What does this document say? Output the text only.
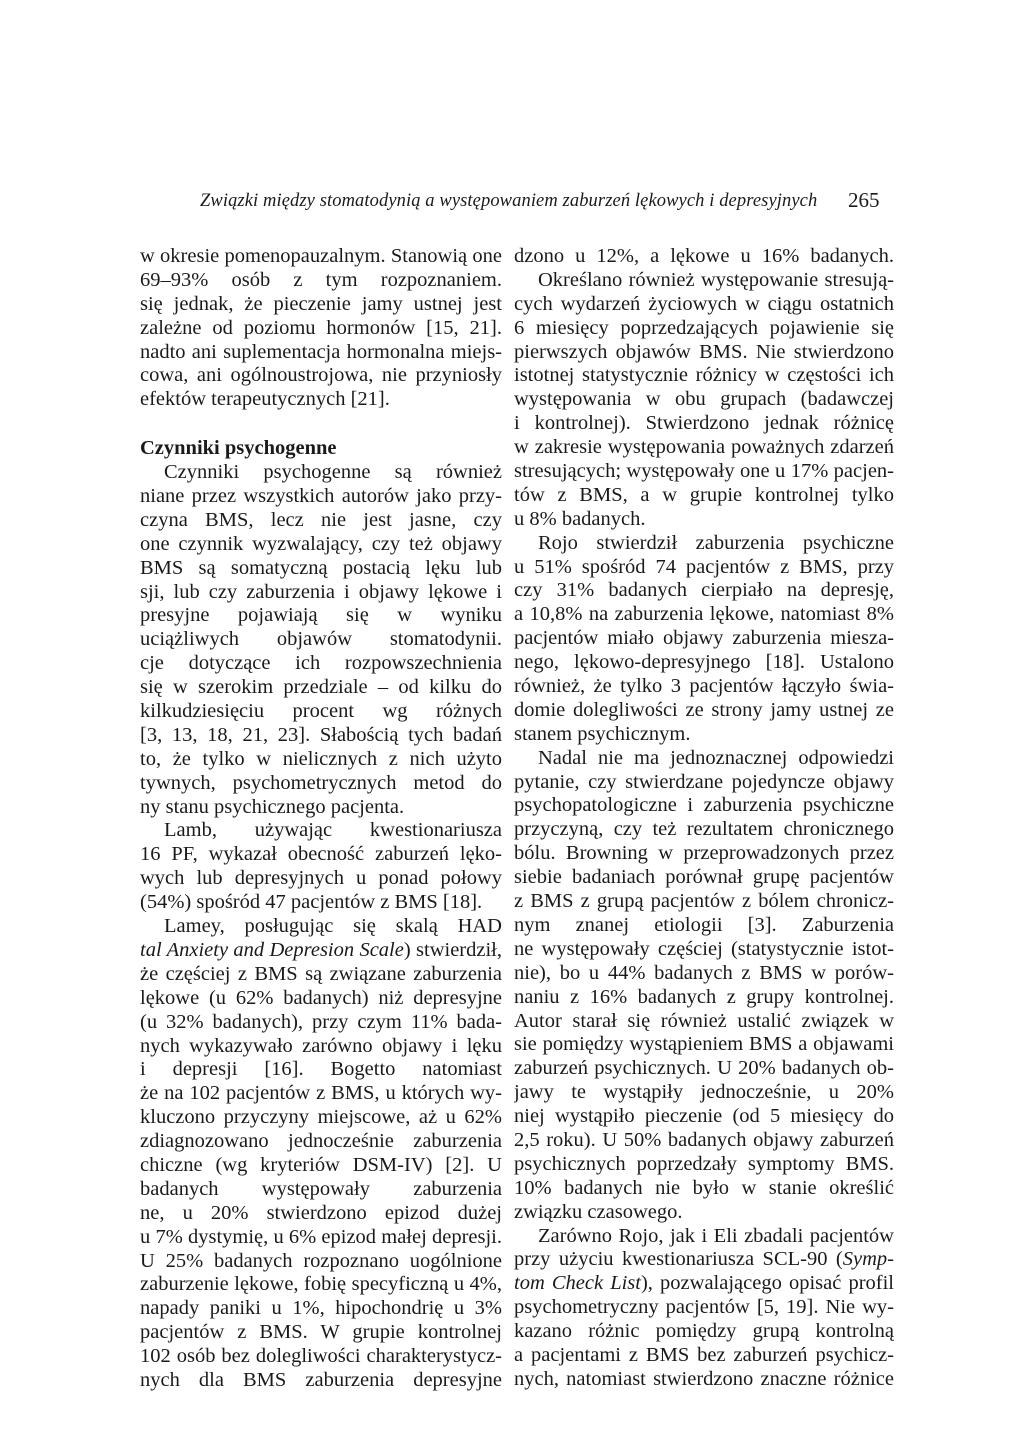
Związki między stomatodynią a występowaniem zaburzeń lękowych i depresyjnych 265
w okresie pomenopauzalnym. Stanowią one
69–93% osób z tym rozpoznaniem.
się jednak, że pieczenie jamy ustnej jest
zależne od poziomu hormonów [15, 21].
nadto ani suplementacja hormonalna miejs-
cowa, ani ogólnoustrojowa, nie przyniosły
efektów terapeutycznych [21].
Czynniki psychogenne
Czynniki psychogenne są również
niane przez wszystkich autorów jako przy-
czyna BMS, lecz nie jest jasne, czy
one czynnik wyzwalający, czy też objawy
BMS są somatyczną postacią lęku lub
sji, lub czy zaburzenia i objawy lękowe i
presyjne pojawiają się w wyniku
uciążliwych objawów stomatodynii.
cje dotyczące ich rozpowszechnienia
się w szerokim przedziale – od kilku do
kilkudziesięciu procent wg różnych
[3, 13, 18, 21, 23]. Słabością tych badań
to, że tylko w nielicznych z nich użyto
tywnych, psychometrycznych metod do
ny stanu psychicznego pacjenta.
Lamb, używając kwestionariusza
16 PF, wykazał obecność zaburzeń lęko-
wych lub depresyjnych u ponad połowy
(54%) spośród 47 pacjentów z BMS [18].
Lamey, posługując się skalą HAD
tal Anxiety and Depresion Scale) stwierdził,
że częściej z BMS są związane zaburzenia
lękowe (u 62% badanych) niż depresyjne
(u 32% badanych), przy czym 11% bada-
nych wykazywało zarówno objawy i lęku
i depresji [16]. Bogetto natomiast
że na 102 pacjentów z BMS, u których wy-
kluczono przyczyny miejscowe, aż u 62%
zdiagnozowano jednocześnie zaburzenia
chiczne (wg kryteriów DSM-IV) [2]. U
badanych występowały zaburzenia
ne, u 20% stwierdzono epizod dużej
u 7% dystymię, u 6% epizod małej depresji.
U 25% badanych rozpoznano uogólnione
zaburzenie lękowe, fobię specyficzną u 4%,
napady paniki u 1%, hipochondrię u 3%
pacjentów z BMS. W grupie kontrolnej
102 osób bez dolegliwości charakterystycz-
nych dla BMS zaburzenia depresyjne
dzono u 12%, a lękowe u 16% badanych.
Określano również występowanie stresują-
cych wydarzeń życiowych w ciągu ostatnich
6 miesięcy poprzedzających pojawienie się
pierwszych objawów BMS. Nie stwierdzono
istotnej statystycznie różnicy w częstości ich
występowania w obu grupach (badawczej
i kontrolnej). Stwierdzono jednak różnicę
w zakresie występowania poważnych zdarzeń
stresujących; występowały one u 17% pacjen-
tów z BMS, a w grupie kontrolnej tylko
u 8% badanych.
Rojo stwierdził zaburzenia psychiczne
u 51% spośród 74 pacjentów z BMS, przy
czy 31% badanych cierpiało na depresję,
a 10,8% na zaburzenia lękowe, natomiast 8%
pacjentów miało objawy zaburzenia miesza-
nego, lękowo-depresyjnego [18]. Ustalono
również, że tylko 3 pacjentów łączyło świa-
domie dolegliwości ze strony jamy ustnej ze
stanem psychicznym.
Nadal nie ma jednoznacznej odpowiedzi
pytanie, czy stwierdzane pojedyncze objawy
psychopatologiczne i zaburzenia psychiczne
przyczyną, czy też rezultatem chronicznego
bólu. Browning w przeprowadzonych przez
siebie badaniach porównał grupę pacjentów
z BMS z grupą pacjentów z bólem chronicz-
nym znanej etiologii [3]. Zaburzenia
ne występowały częściej (statystycznie istot-
nie), bo u 44% badanych z BMS w porów-
naniu z 16% badanych z grupy kontrolnej.
Autor starał się również ustalić związek w
sie pomiędzy wystąpieniem BMS a objawami
zaburzeń psychicznych. U 20% badanych ob-
jawy te wystąpiły jednocześnie, u 20%
niej wystąpiło pieczenie (od 5 miesięcy do
2,5 roku). U 50% badanych objawy zaburzeń
psychicznych poprzedzały symptomy BMS.
10% badanych nie było w stanie określić
związku czasowego.
Zarówno Rojo, jak i Eli zbadali pacjentów
przy użyciu kwestionariusza SCL-90 (Symp-
tom Check List), pozwalającego opisać profil
psychometryczny pacjentów [5, 19]. Nie wy-
kazano różnic pomiędzy grupą kontrolną
a pacjentami z BMS bez zaburzeń psychicz-
nych, natomiast stwierdzono znaczne różnice
